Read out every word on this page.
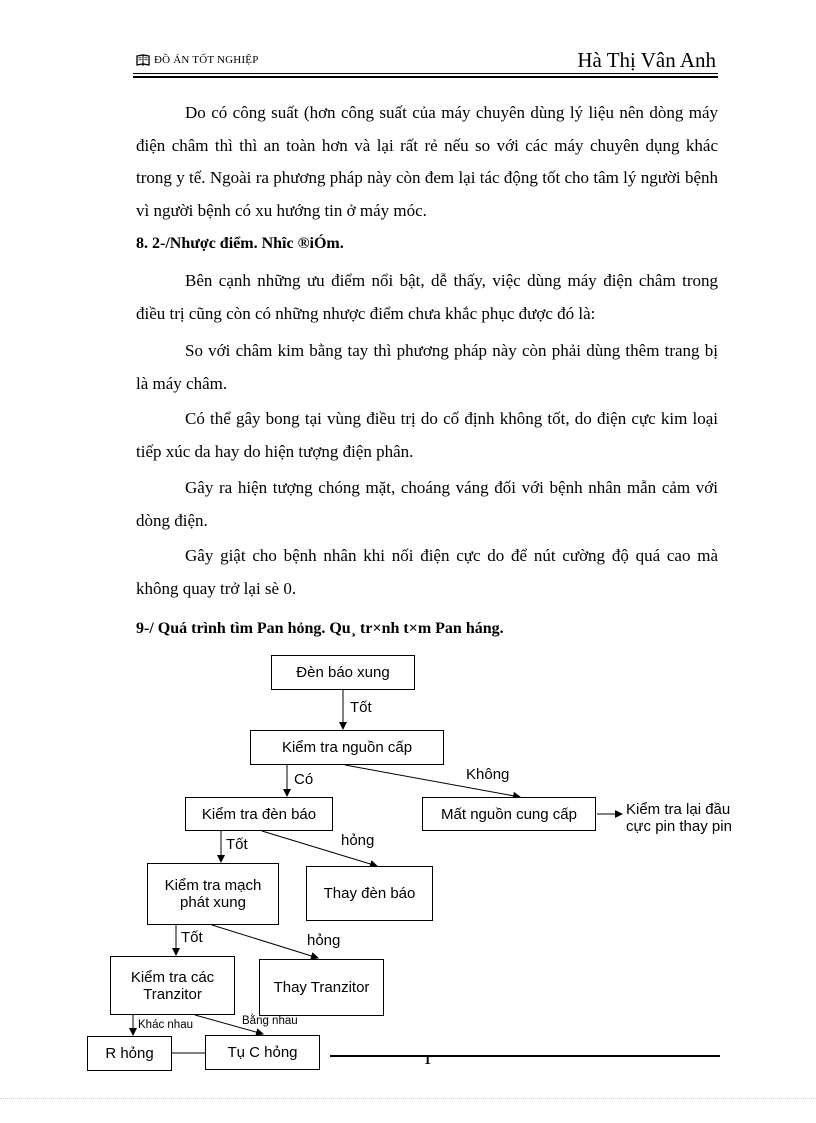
ĐỒ ÁN TỐT NGHIỆP	Hà Thị Vân Anh
Do có công suất (hơn công suất của máy chuyên dùng lý liệu nên dòng máy điện châm thì thì an toàn hơn và lại rất rẻ nếu so với các máy chuyên dụng khác trong y tế. Ngoài ra phương pháp này còn đem lại tác động tốt cho tâm lý người bệnh vì người bệnh có xu hướng tin ở máy móc.
8. 2-/Nhược điểm. Nhîc ®iÓm.
Bên cạnh những ưu điểm nổi bật, dễ thấy, việc dùng máy điện châm trong điều trị cũng còn có những nhược điểm chưa khắc phục được đó là:
So với châm kim bằng tay thì phương pháp này còn phải dùng thêm trang bị là máy châm.
Có thể gây bong tại vùng điều trị do cố định không tốt, do điện cực kim loại tiếp xúc da hay do hiện tượng điện phân.
Gây ra hiện tượng chóng mặt, choáng váng đối với bệnh nhân mẫn cảm với dòng điện.
Gây giật cho bệnh nhân khi nối điện cực do để nút cường độ quá cao mà không quay trở lại sè 0.
9-/ Quá trình tìm Pan hỏng. Qu¸ tr×nh t×m Pan háng.
Đèn báo xung
Kiểm tra nguồn cấp
Kiểm tra đèn báo	Mất nguồn cung cấp
Kiểm tra mạch
phát xung
Thay đèn báo
Kiểm tra các
Tranzitor	Thay Tranzitor
R hỏng	Tụ C hỏng
Tốt
Có	Không
Kiểm tra lại đầu
cực pin thay pin
Tốt	hỏng
Tốt	hỏng
Khác nhau	Bằng nhau
1
